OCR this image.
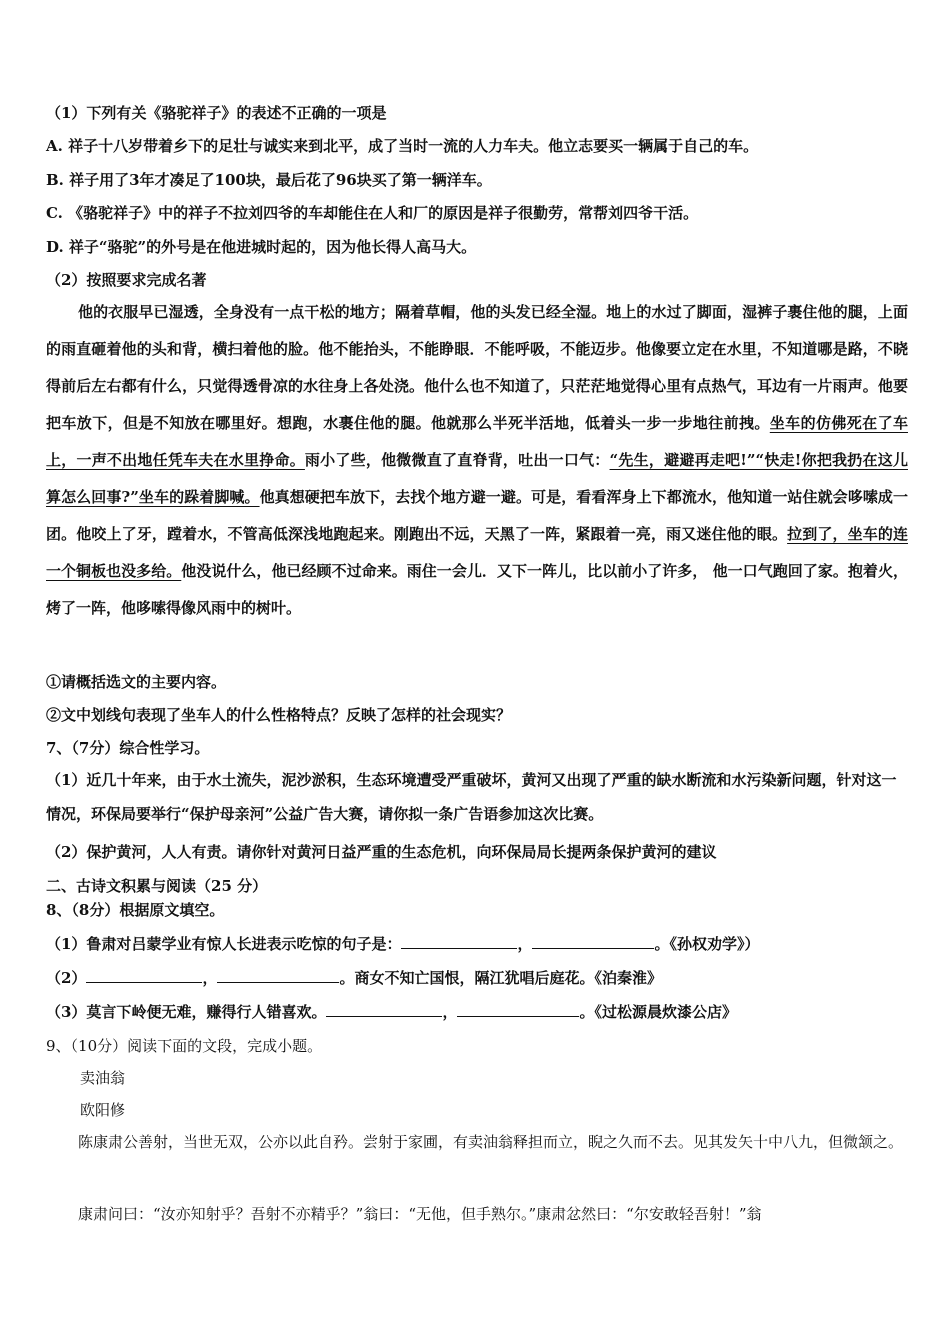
（1）下列有关《骆驼祥子》的表述不正确的一项是
A. 祥子十八岁带着乡下的足壮与诚实来到北平，成了当时一流的人力车夫。他立志要买一辆属于自己的车。
B. 祥子用了3年才凑足了100块，最后花了96块买了第一辆洋车。
C. 《骆驼祥子》中的祥子不拉刘四爷的车却能住在人和厂的原因是祥子很勤劳，常帮刘四爷干活。
D. 祥子“骆驼”的外号是在他进城时起的，因为他长得人高马大。
（2）按照要求完成名著

他的衣服早已湿透，全身没有一点干松的地方；隔着草帽，他的头发已经全湿。地上的水过了脚面，湿裤子裹住他的腿，上面的雨直砸着他的头和背，横扫着他的脸。他不能抬头，不能睁眼．不能呼吸，不能迈步。他像要立定在水里，不知道哪是路，不晓得前后左右都有什么，只觉得透骨凉的水往身上各处浇。他什么也不知道了，只茫茫地觉得心里有点热气，耳边有一片雨声。他要把车放下，但是不知放在哪里好。想跑，水裹住他的腿。他就那么半死半活地，低着头一步一步地往前拽。坐车的仿佛死在了车上，一声不出地任凭车夫在水里挣命。雨小了些，他微微直了直脊背，吐出一口气：“先生，避避再走吧!”“快走!你把我扔在这儿算怎么回事?”坐车的跺着脚喊。他真想硬把车放下，去找个地方避一避。可是，看看浑身上下都流水，他知道一站住就会哆嗦成一团。他咬上了牙，蹚着水，不管高低深浅地跑起来。刚跑出不远，天黑了一阵，紧跟着一亮，雨又迷住他的眼。拉到了，坐车的连一个铜板也没多给。他没说什么，他已经顾不过命来。雨住一会儿．又下一阵儿，比以前小了许多， 他一口气跑回了家。抱着火，烤了一阵，他哆嗦得像风雨中的树叶。

①请概括选文的主要内容。
②文中划线句表现了坐车人的什么性格特点？反映了怎样的社会现实？
7、（7分）综合性学习。

（1）近几十年来，由于水土流失，泥沙淤积，生态环境遭受严重破坏，黄河又出现了严重的缺水断流和水污染新问题，针对这一情况，环保局要举行“保护母亲河”公益广告大赛，请你拟一条广告语参加这次比赛。

（2）保护黄河，人人有责。请你针对黄河日益严重的生态危机，向环保局局长提两条保护黄河的建议
二、古诗文积累与阅读（25 分）
8、（8分）根据原文填空。
（1）鲁肃对吕蒙学业有惊人长进表示吃惊的句子是：	，	。《孙权劝学》）
（2）	，	。商女不知亡国恨，隔江犹唱后庭花。《泊秦淮》
（3）莫言下岭便无难，赚得行人错喜欢。	，	。《过松源晨炊漆公店》
9、（10分）阅读下面的文段，完成小题。
卖油翁
欧阳修

陈康肃公善射，当世无双，公亦以此自矜。尝射于家圃，有卖油翁释担而立，睨之久而不去。见其发矢十中八九，但微颔之。

康肃问曰：“汝亦知射乎？吾射不亦精乎？”翁曰：“无他，但手熟尔。”康肃忿然曰：“尔安敢轻吾射！”翁
